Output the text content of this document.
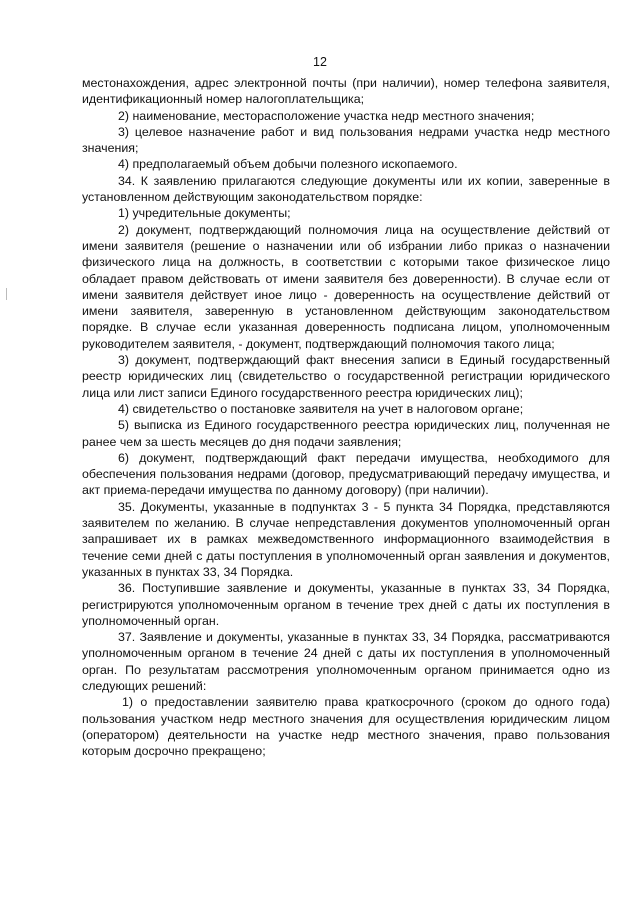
12

местонахождения, адрес электронной почты (при наличии), номер телефона заявителя, идентификационный номер налогоплательщика;

2) наименование, месторасположение участка недр местного значения;

3) целевое назначение работ и вид пользования недрами участка недр местного значения;

4) предполагаемый объем добычи полезного ископаемого.

34. К заявлению прилагаются следующие документы или их копии, заверенные в установленном действующим законодательством порядке:

1) учредительные документы;

2) документ, подтверждающий полномочия лица на осуществление действий от имени заявителя (решение о назначении или об избрании либо приказ о назначении физического лица на должность, в соответствии с которыми такое физическое лицо обладает правом действовать от имени заявителя без доверенности). В случае если от имени заявителя действует иное лицо - доверенность на осуществление действий от имени заявителя, заверенную в установленном действующим законодательством порядке. В случае если указанная доверенность подписана лицом, уполномоченным руководителем заявителя, - документ, подтверждающий полномочия такого лица;

3) документ, подтверждающий факт внесения записи в Единый государственный реестр юридических лиц (свидетельство о государственной регистрации юридического лица или лист записи Единого государственного реестра юридических лиц);

4) свидетельство о постановке заявителя на учет в налоговом органе;

5) выписка из Единого государственного реестра юридических лиц, полученная не ранее чем за шесть месяцев до дня подачи заявления;

6) документ, подтверждающий факт передачи имущества, необходимого для обеспечения пользования недрами (договор, предусматривающий передачу имущества, и акт приема-передачи имущества по данному договору) (при наличии).

35. Документы, указанные в подпунктах 3 - 5 пункта 34 Порядка, представляются заявителем по желанию. В случае непредставления документов уполномоченный орган запрашивает их в рамках межведомственного информационного взаимодействия в течение семи дней с даты поступления в уполномоченный орган заявления и документов, указанных в пунктах 33, 34 Порядка.

36. Поступившие заявление и документы, указанные в пунктах 33, 34 Порядка, регистрируются уполномоченным органом в течение трех дней с даты их поступления в уполномоченный орган.

37. Заявление и документы, указанные в пунктах 33, 34 Порядка, рассматриваются уполномоченным органом в течение 24 дней с даты их поступления в уполномоченный орган. По результатам рассмотрения уполномоченным органом принимается одно из следующих решений:

1) о предоставлении заявителю права краткосрочного (сроком до одного года) пользования участком недр местного значения для осуществления юридическим лицом (оператором) деятельности на участке недр местного значения, право пользования которым досрочно прекращено;
